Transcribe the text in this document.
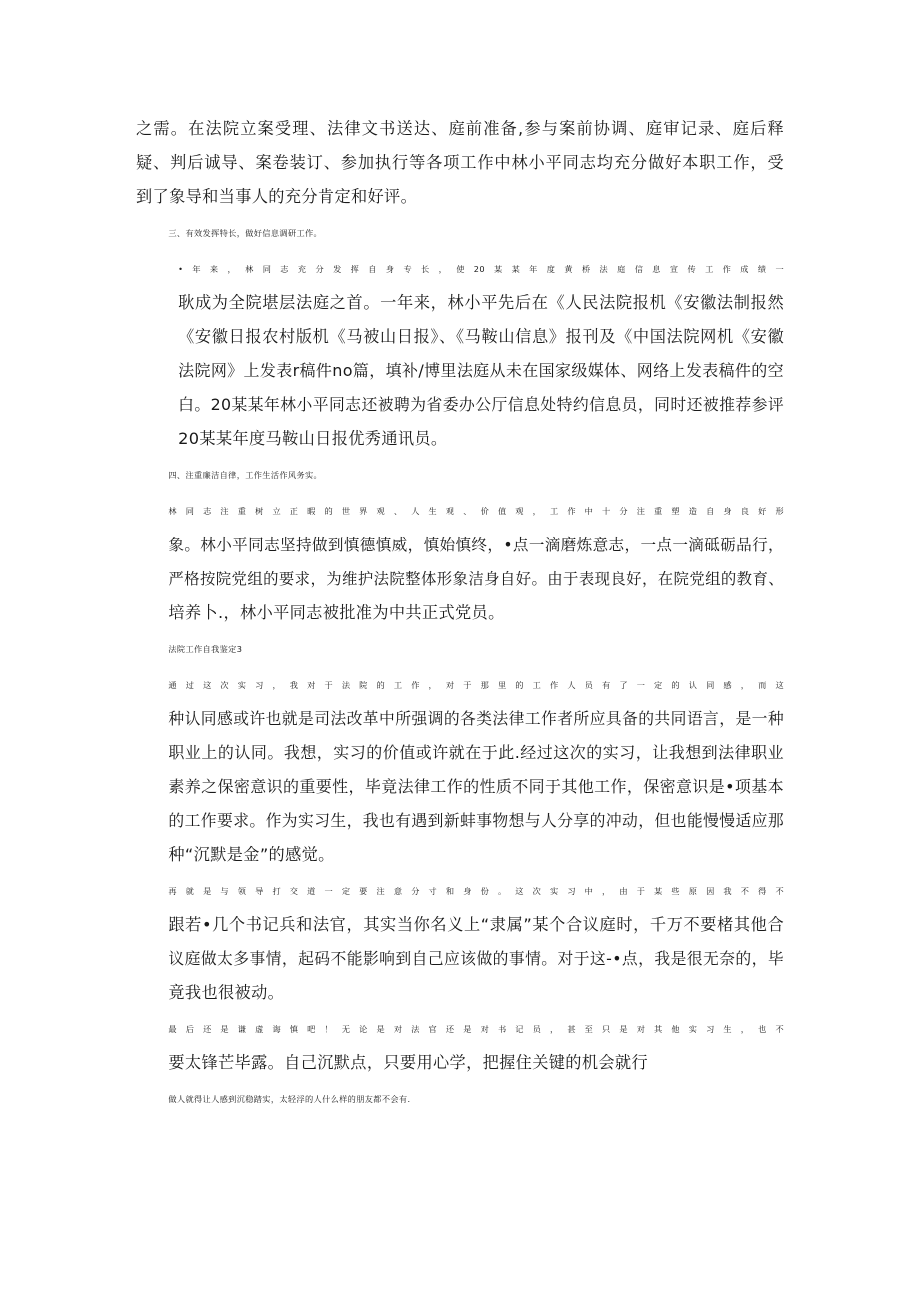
之需。在法院立案受理、法律文书送达、庭前准备,参与案前协调、庭审记录、庭后释
疑、判后诚导、案卷装订、参加执行等各项工作中林小平同志均充分做好本职工作，受
到了象导和当事人的充分肯定和好评。
三、有效发挥特长，做好信息调研工作。
•年来，林同志充分发挥自身专长，使20某某年度黄桥法庭信息宣传工作成绩一
耿成为全院堪层法庭之首。一年来，林小平先后在《人民法院报机《安徽法制报然
《安徽日报农村版机《马被山日报》、《马鞍山信息》报刊及《中国法院网机《安徽
法院网》上发表r稿件no篇，填补/博里法庭从未在国家级媒体、网络上发表稿件的空
白。20某某年林小平同志还被聘为省委办公厅信息处特约信息员，同时还被推荐参评
20某某年度马鞍山日报优秀通讯员。
四、注重廉洁自律，工作生活作风务实。
林同志注重树立正暇的世界观、人生观、价值观，工作中十分注重塑造自身良好形
象。林小平同志坚持做到慎德慎威，慎始慎终，•点一滴磨炼意志，一点一滴砥砺品行，
严格按院党组的要求，为维护法院整体形象洁身自好。由于表现良好，在院党组的教育、
培养卜.，林小平同志被批准为中共正式党员。
法院工作自我鉴定3
通过这次实习，我对于法院的工作，对于那里的工作人员有了一定的认同感，而这
种认同感或许也就是司法改革中所强调的各类法律工作者所应具备的共同语言，是一种
职业上的认同。我想，实习的价值或许就在于此.经过这次的实习，让我想到法律职业
素养之保密意识的重要性，毕竟法律工作的性质不同于其他工作，保密意识是•项基本
的工作要求。作为实习生，我也有遇到新蚌事物想与人分享的冲动，但也能慢慢适应那
种“沉默是金”的感觉。
再就是与领导打交道一定要注意分寸和身份。这次实习中，由于某些原因我不得不
跟若•几个书记兵和法官，其实当你名义上“隶属”某个合议庭时，千万不要楮其他合
议庭做太多事情，起码不能影响到自己应该做的事情。对于这-•点，我是很无奈的，毕
竟我也很被动。
最后还是谦虚诲慎吧！无论是对法官还是对书记员，甚至只是对其他实习生，也不
要太锋芒毕露。自己沉默点，只要用心学，把握住关键的机会就行
做人就得让人感到沉稳踏实，太轻浮的人什么样的朋友都不会有.
